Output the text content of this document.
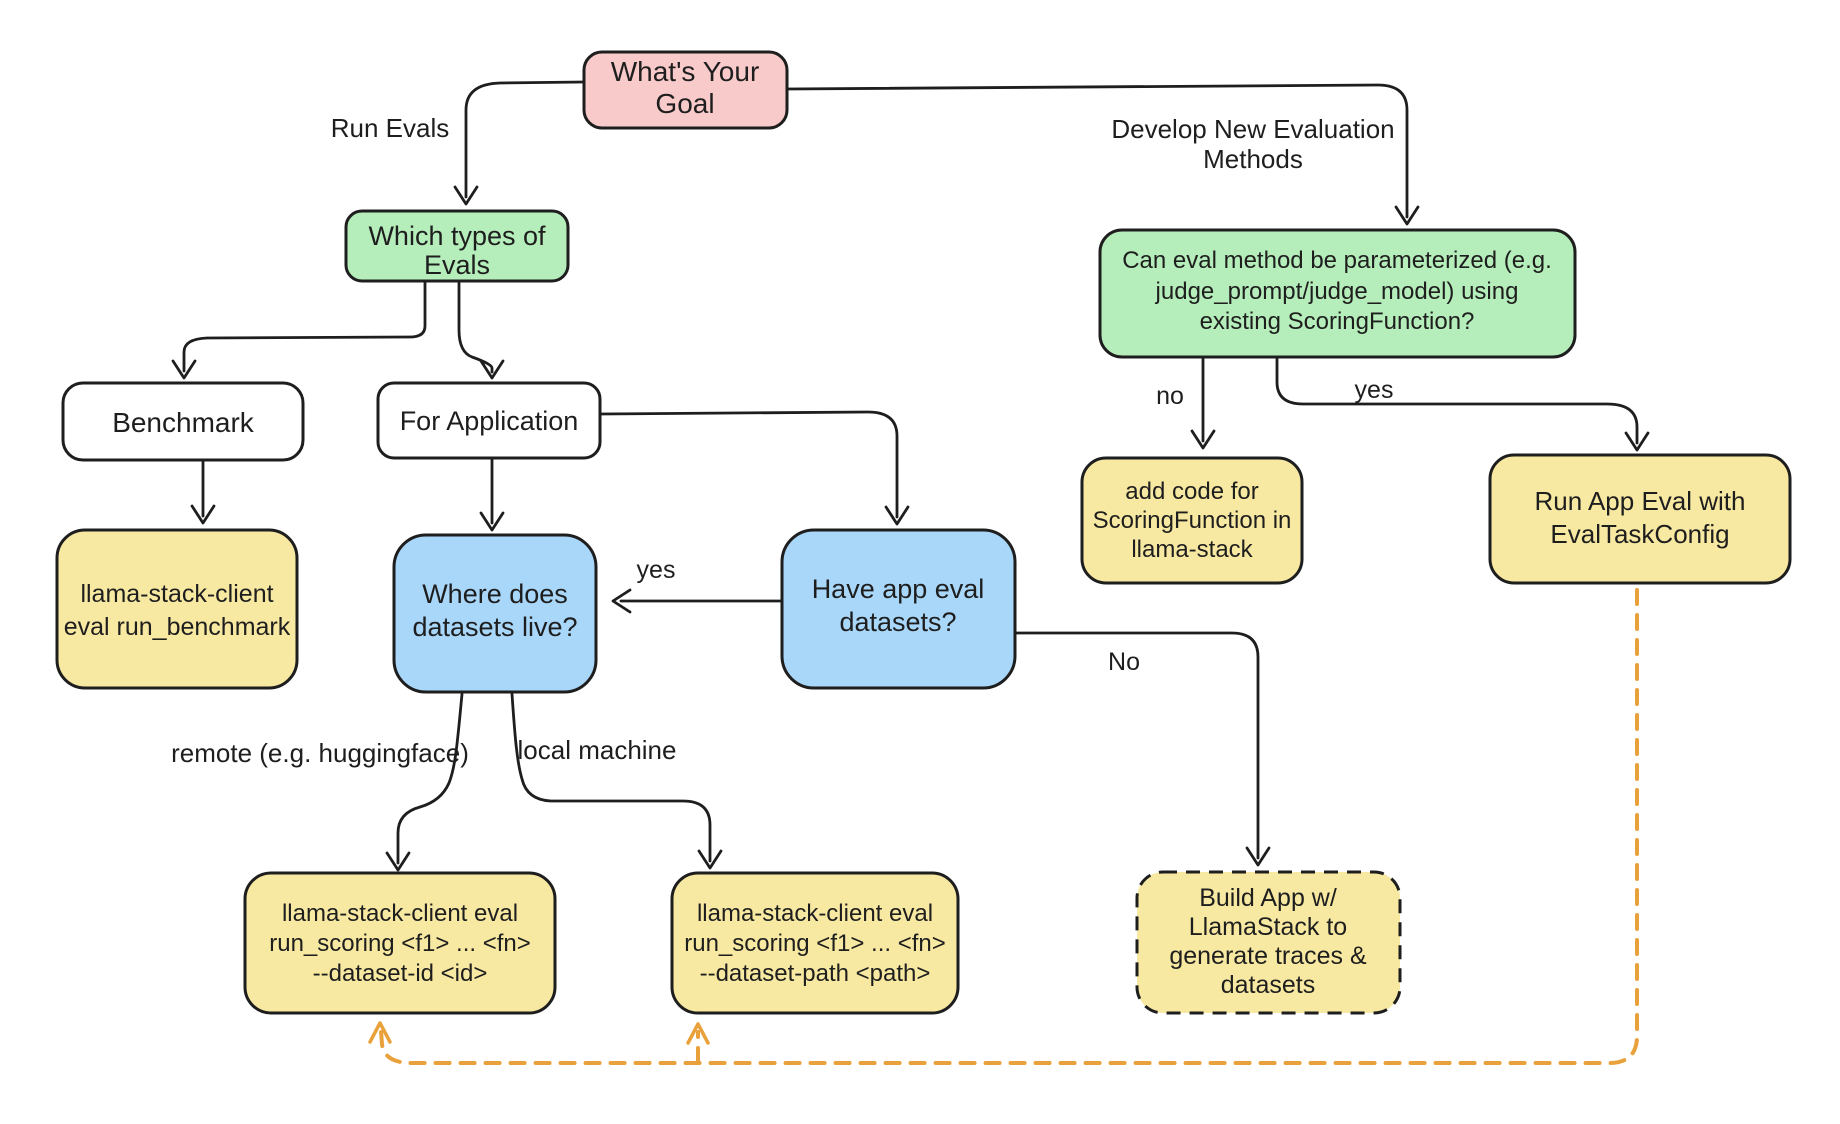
What's Your
Goal
Which types of
Evals	Can eval method be parameterized (e.g.
judge_prompt/judge_model) using
existing ScoringFunction?
Benchmark	For Application
llama-stack-client
eval run_benchmark
Where does
datasets live?
Have app eval
datasets?
add code for
ScoringFunction in
llama-stack
Run App Eval with
EvalTaskConfig
llama-stack-client eval
run_scoring <f1> ... <fn>
--dataset-id <id>
llama-stack-client eval
run_scoring <f1> ... <fn>
--dataset-path <path>
Build App w/
LlamaStack to
generate traces &
datasets
Run Evals	Develop New Evaluation
Methods
no	yes
yes
No
remote (e.g. huggingface) local machine
